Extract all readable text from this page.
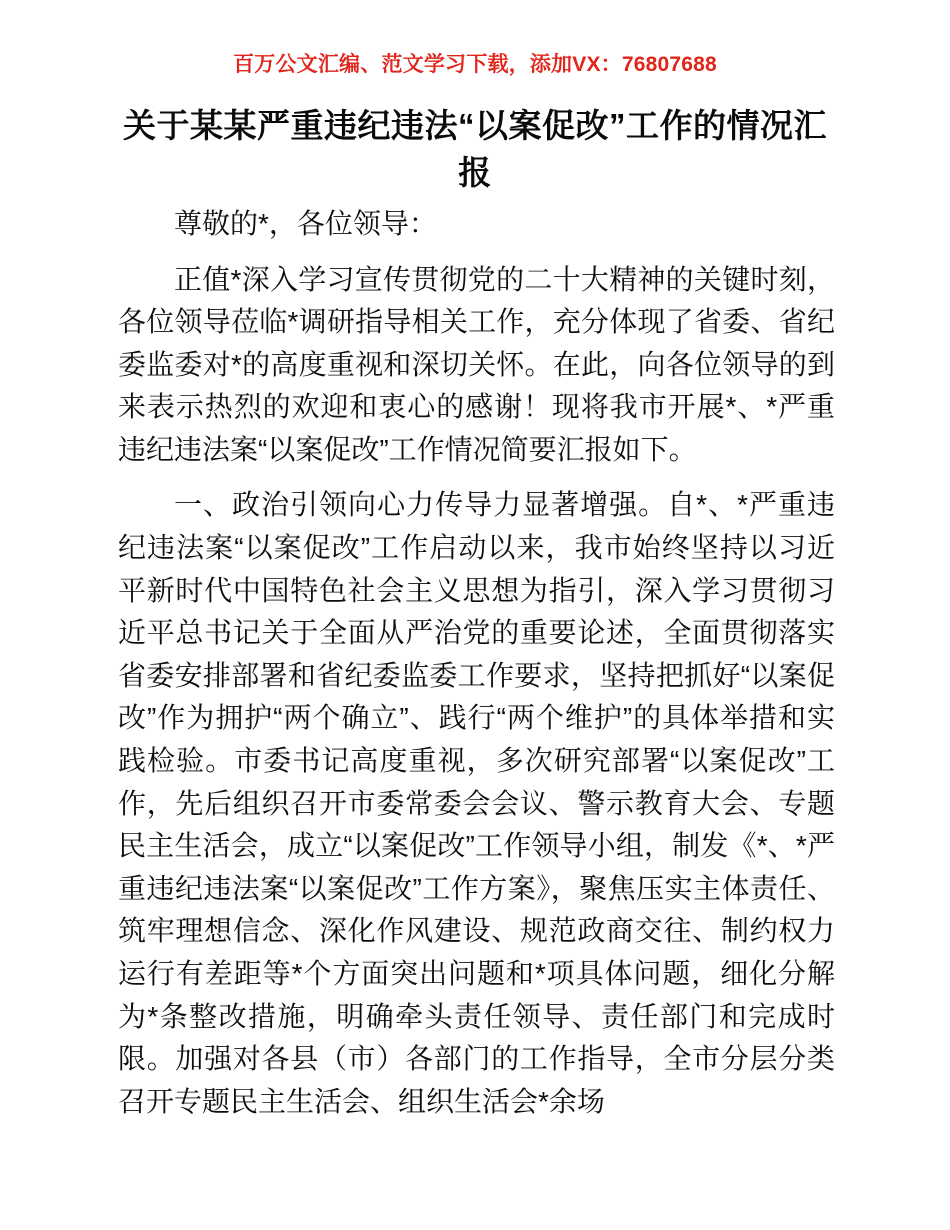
百万公文汇编、范文学习下载，添加VX：76807688
关于某某严重违纪违法“以案促改”工作的情况汇报

尊敬的*，各位领导：

正值*深入学习宣传贯彻党的二十大精神的关键时刻，各位领导莅临*调研指导相关工作，充分体现了省委、省纪委监委对*的高度重视和深切关怀。在此，向各位领导的到来表示热烈的欢迎和衷心的感谢！现将我市开展*、*严重违纪违法案“以案促改”工作情况简要汇报如下。

一、政治引领向心力传导力显著增强。自*、*严重违纪违法案“以案促改”工作启动以来，我市始终坚持以习近平新时代中国特色社会主义思想为指引，深入学习贯彻习近平总书记关于全面从严治党的重要论述，全面贯彻落实省委安排部署和省纪委监委工作要求，坚持把抓好“以案促改”作为拥护“两个确立”、践行“两个维护”的具体举措和实践检验。市委书记高度重视，多次研究部署“以案促改”工作，先后组织召开市委常委会会议、警示教育大会、专题民主生活会，成立“以案促改”工作领导小组，制发《*、*严重违纪违法案“以案促改”工作方案》，聚焦压实主体责任、筑牢理想信念、深化作风建设、规范政商交往、制约权力运行有差距等*个方面突出问题和*项具体问题，细化分解为*条整改措施，明确牵头责任领导、责任部门和完成时限。加强对各县（市）各部门的工作指导，全市分层分类召开专题民主生活会、组织生活会*余场
